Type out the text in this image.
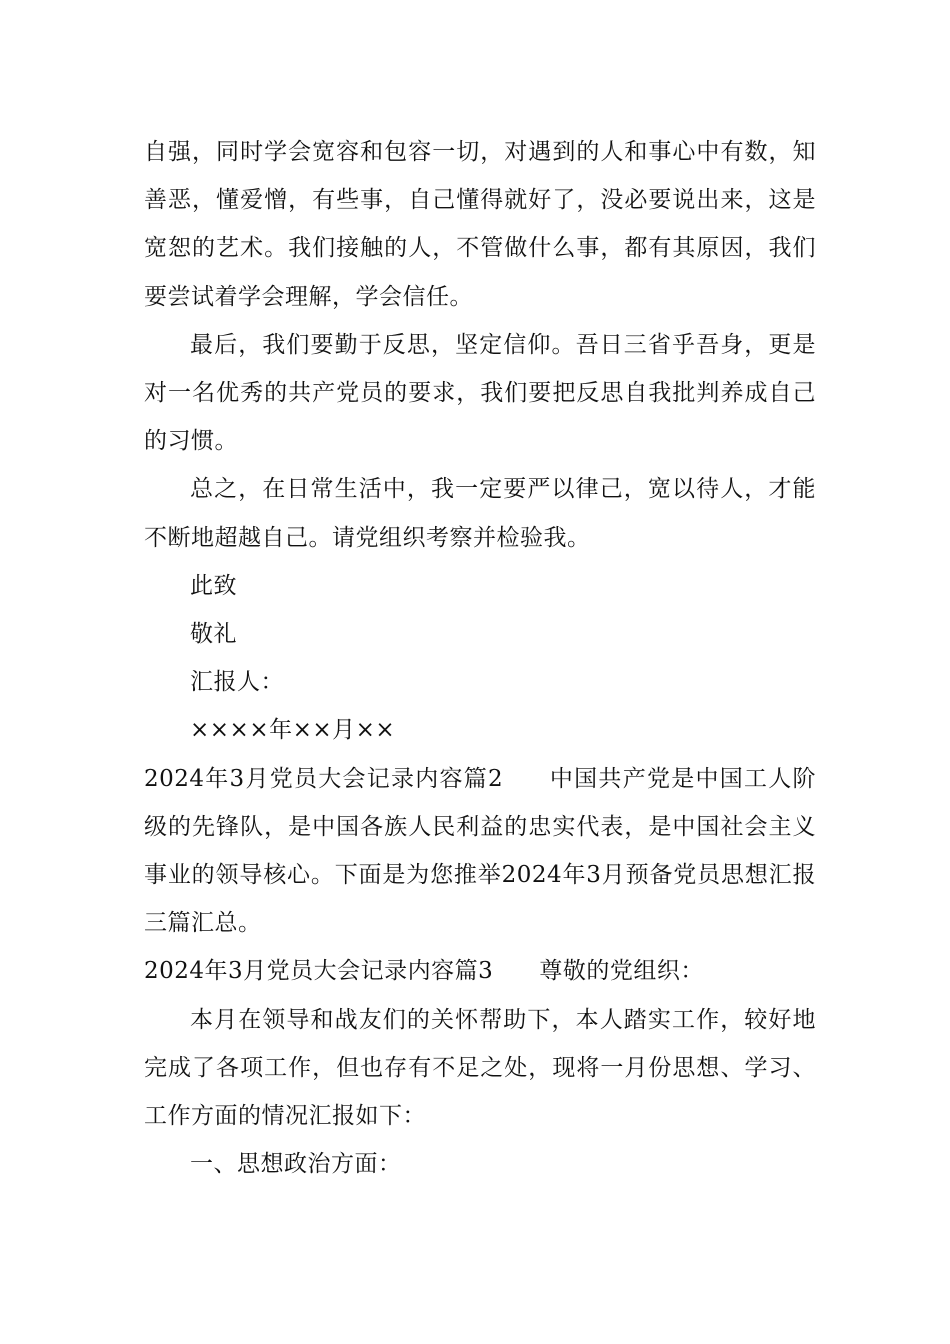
自强，同时学会宽容和包容一切，对遇到的人和事心中有数，知善恶，懂爱憎，有些事，自己懂得就好了，没必要说出来，这是宽恕的艺术。我们接触的人，不管做什么事，都有其原因，我们要尝试着学会理解，学会信任。

最后，我们要勤于反思，坚定信仰。吾日三省乎吾身，更是对一名优秀的共产党员的要求，我们要把反思自我批判养成自己的习惯。

总之，在日常生活中，我一定要严以律己，宽以待人，才能不断地超越自己。请党组织考察并检验我。

此致

敬礼

汇报人：

××××年××月××

2024年3月党员大会记录内容篇2 中国共产党是中国工人阶级的先锋队，是中国各族人民利益的忠实代表，是中国社会主义事业的领导核心。下面是为您推举2024年3月预备党员思想汇报三篇汇总。

2024年3月党员大会记录内容篇3 尊敬的党组织：

本月在领导和战友们的关怀帮助下，本人踏实工作，较好地完成了各项工作，但也存有不足之处，现将一月份思想、学习、工作方面的情况汇报如下：

一、思想政治方面：
